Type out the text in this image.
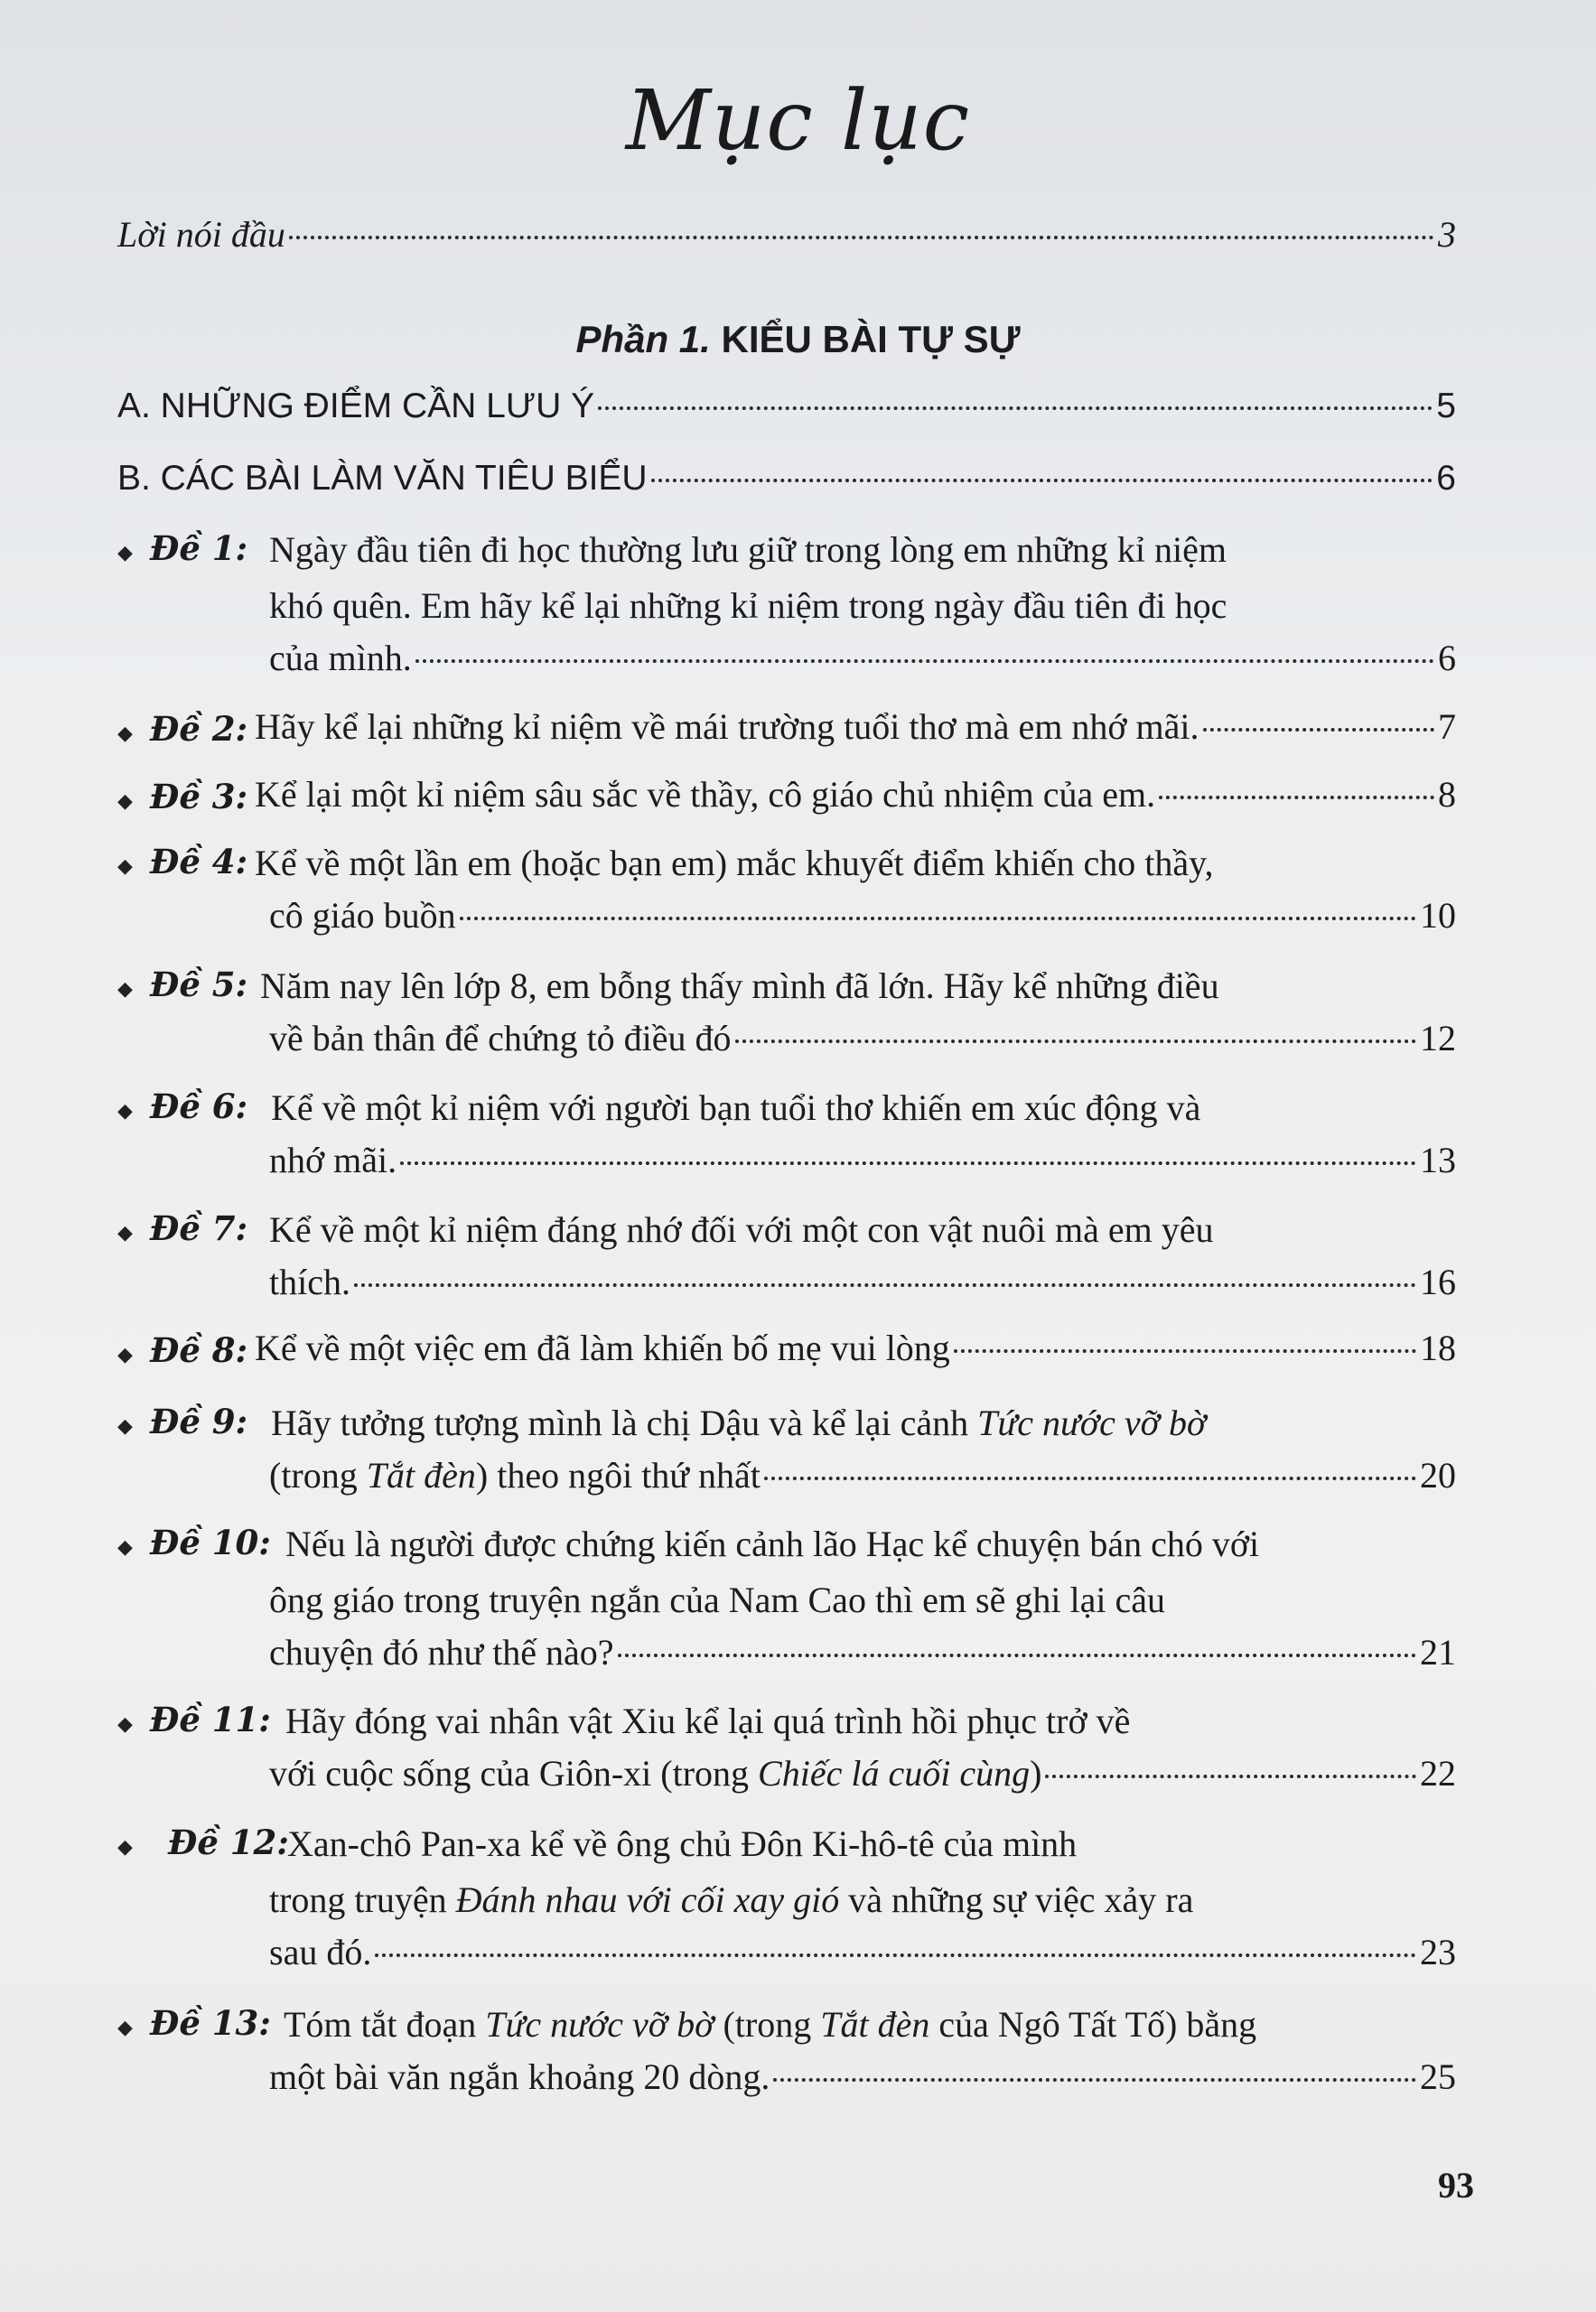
Mục lục
Lời nói đầu	3
Phần 1. KIỂU BÀI TỰ SỰ
A. NHỮNG ĐIỂM CẦN LƯU Ý	5
B. CÁC BÀI LÀM VĂN TIÊU BIỂU	6
◆ Đề 1: Ngày đầu tiên đi học thường lưu giữ trong lòng em những kỉ niệm
khó quên. Em hãy kể lại những kỉ niệm trong ngày đầu tiên đi học
của mình.	6
◆ Đề 2: Hãy kể lại những kỉ niệm về mái trường tuổi thơ mà em nhớ mãi.	7
◆ Đề 3: Kể lại một kỉ niệm sâu sắc về thầy, cô giáo chủ nhiệm của em.	8
◆ Đề 4: Kể về một lần em (hoặc bạn em) mắc khuyết điểm khiến cho thầy,
cô giáo buồn	10
◆ Đề 5: Năm nay lên lớp 8, em bỗng thấy mình đã lớn. Hãy kể những điều
về bản thân để chứng tỏ điều đó	12
◆ Đề 6: Kể về một kỉ niệm với người bạn tuổi thơ khiến em xúc động và
nhớ mãi.	13
◆ Đề 7: Kể về một kỉ niệm đáng nhớ đối với một con vật nuôi mà em yêu
thích.	16
◆ Đề 8: Kể về một việc em đã làm khiến bố mẹ vui lòng	18
◆ Đề 9: Hãy tưởng tượng mình là chị Dậu và kể lại cảnh Tức nước vỡ bờ
(trong Tắt đèn) theo ngôi thứ nhất	20
◆ Đề 10: Nếu là người được chứng kiến cảnh lão Hạc kể chuyện bán chó với
ông giáo trong truyện ngắn của Nam Cao thì em sẽ ghi lại câu
chuyện đó như thế nào?	21
◆ Đề 11: Hãy đóng vai nhân vật Xiu kể lại quá trình hồi phục trở về
với cuộc sống của Giôn-xi (trong Chiếc lá cuối cùng)	22
◆ Đề 12:
Xan-chô Pan-xa kể về ông chủ Đôn Ki-hô-tê của mình
trong truyện Đánh nhau với cối xay gió và những sự việc xảy ra
sau đó.	23
◆ Đề 13: Tóm tắt đoạn Tức nước vỡ bờ (trong Tắt đèn của Ngô Tất Tố) bằng
một bài văn ngắn khoảng 20 dòng.	25
93
